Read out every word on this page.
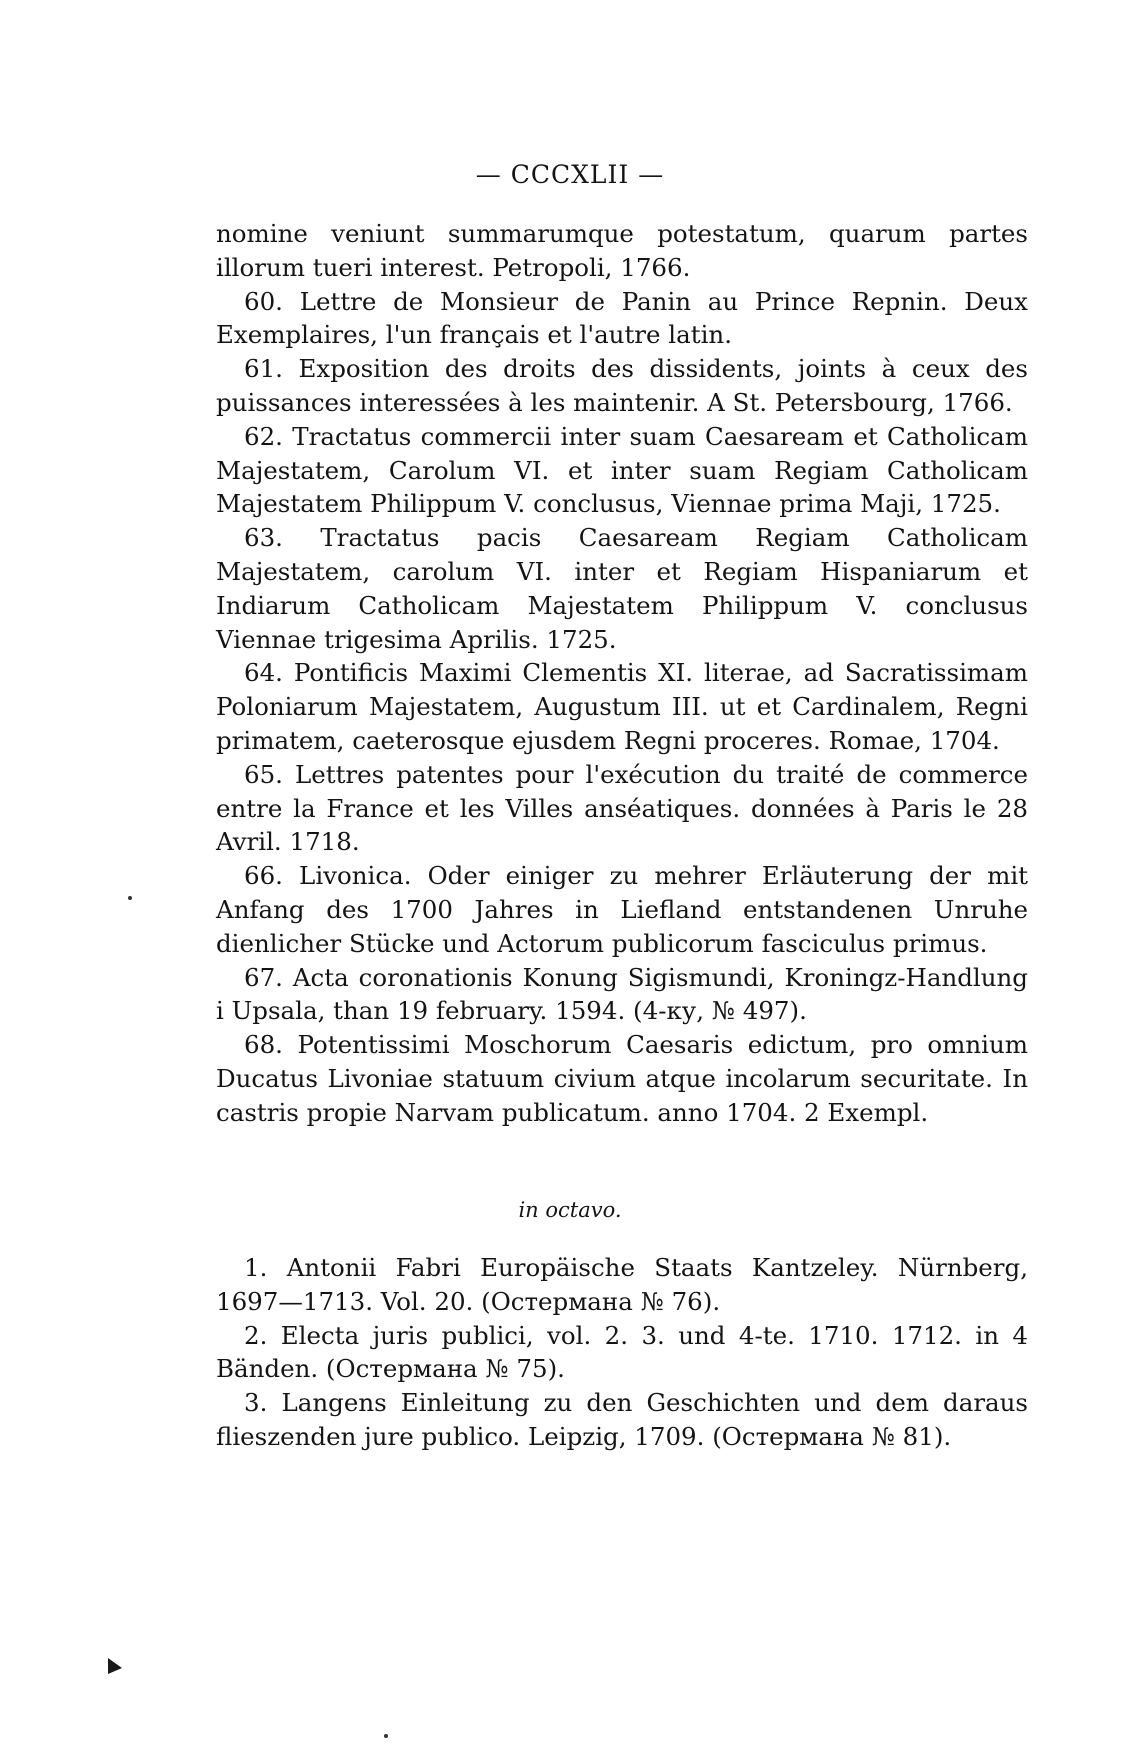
— CCCXLII —

nomine veniunt summarumque potestatum, quarum partes illorum tueri interest. Petropoli, 1766.

60. Lettre de Monsieur de Panin au Prince Repnin. Deux Exemplaires, l'un français et l'autre latin.

61. Exposition des droits des dissidents, joints à ceux des puissances interessées à les maintenir. A St. Petersbourg, 1766.

62. Tractatus commercii inter suam Caesaream et Catholicam Majestatem, Carolum VI. et inter suam Regiam Catholicam Majestatem Philippum V. conclusus, Viennae prima Maji, 1725.

63. Tractatus pacis Caesaream Regiam Catholicam Majestatem, carolum VI. inter et Regiam Hispaniarum et Indiarum Catholicam Majestatem Philippum V. conclusus Viennae trigesima Aprilis. 1725.

64. Pontificis Maximi Clementis XI. literae, ad Sacratissimam Poloniarum Majestatem, Augustum III. ut et Cardinalem, Regni primatem, caeterosque ejusdem Regni proceres. Romae, 1704.

65. Lettres patentes pour l'exécution du traité de commerce entre la France et les Villes anséatiques. données à Paris le 28 Avril. 1718.

66. Livonica. Oder einiger zu mehrer Erläuterung der mit Anfang des 1700 Jahres in Liefland entstandenen Unruhe dienlicher Stücke und Actorum publicorum fasciculus primus.

67. Acta coronationis Konung Sigismundi, Kroningz-Handlung i Upsala, than 19 february. 1594. (4-ку, № 497).

68. Potentissimi Moschorum Caesaris edictum, pro omnium Ducatus Livoniae statuum civium atque incolarum securitate. In castris propie Narvam publicatum. anno 1704. 2 Exempl.

in octavo.

1. Antonii Fabri Europäische Staats Kantzeley. Nürnberg, 1697—1713. Vol. 20. (Остермана № 76).

2. Electa juris publici, vol. 2. 3. und 4-te. 1710. 1712. in 4 Bänden. (Остермана № 75).

3. Langens Einleitung zu den Geschichten und dem daraus flieszenden jure publico. Leipzig, 1709. (Остермана № 81).
